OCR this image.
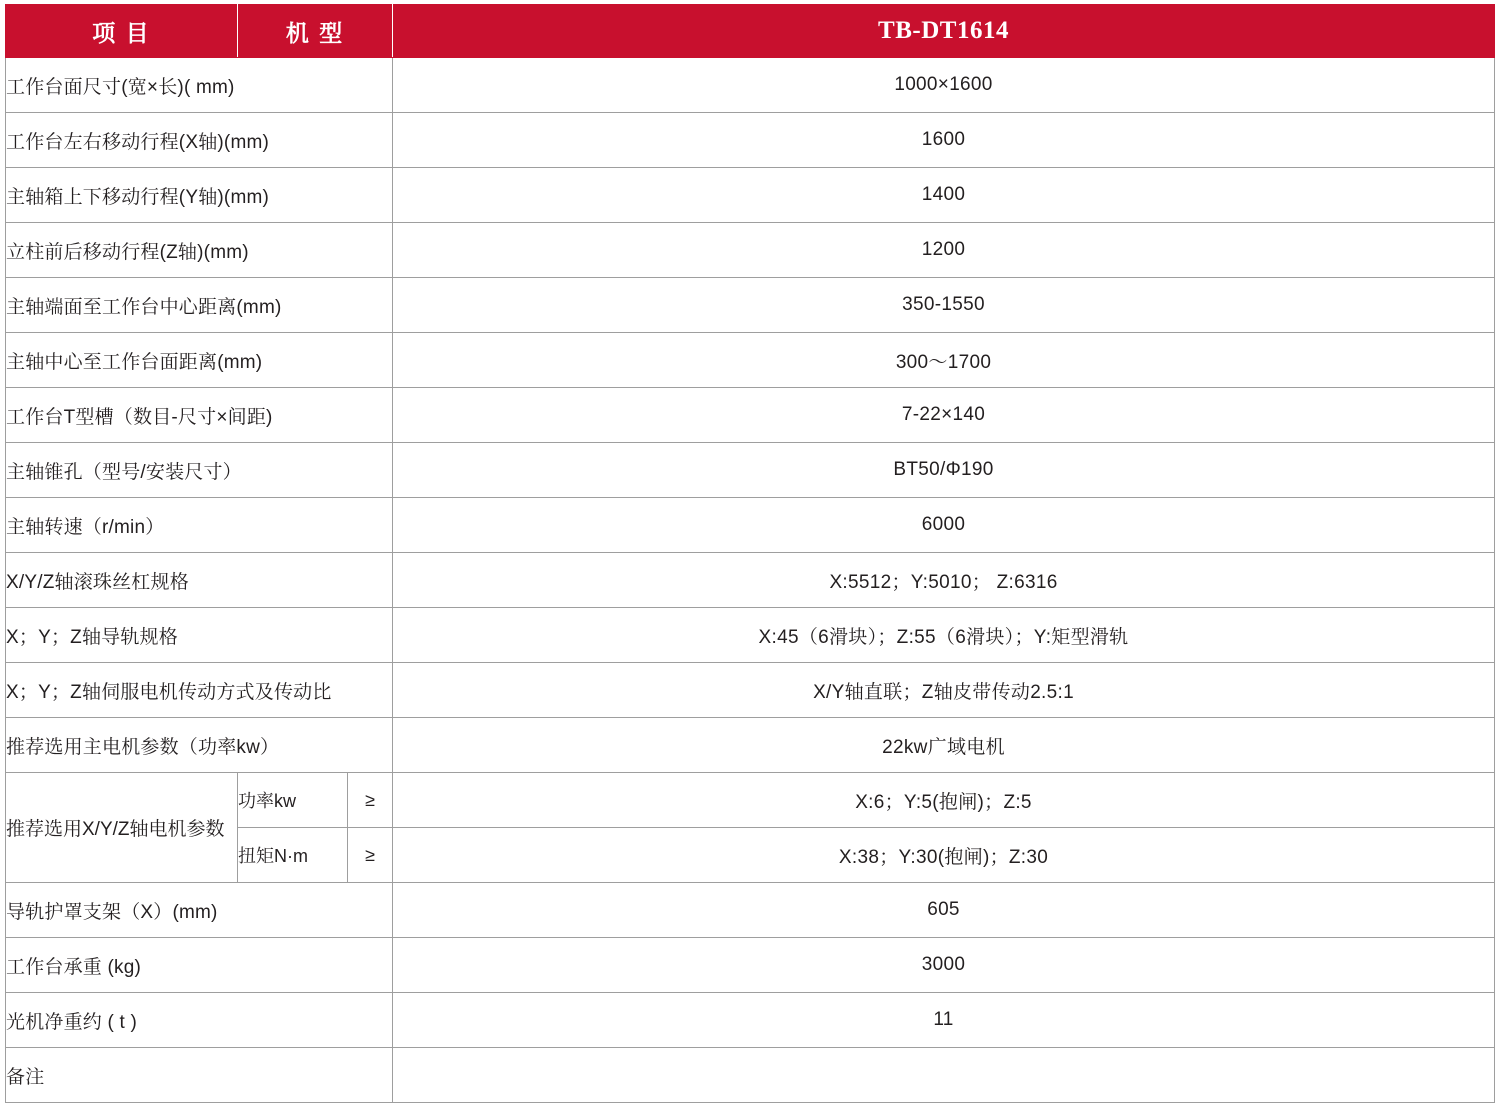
项 目	机 型		TB-DT1614
工作台面尺寸(宽×长)( mm)			1000×1600
工作台左右移动行程(X轴)(mm)			1600
主轴箱上下移动行程(Y轴)(mm)			1400
立柱前后移动行程(Z轴)(mm)			1200
主轴端面至工作台中心距离(mm)			350-1550
主轴中心至工作台面距离(mm)			300～1700
工作台T型槽（数目-尺寸×间距)			7-22×140
主轴锥孔（型号/安装尺寸）			BT50/Φ190
主轴转速（r/min）			6000
X/Y/Z轴滚珠丝杠规格			X:5512；Y:5010； Z:6316
X；Y；Z轴导轨规格			X:45（6滑块）；Z:55（6滑块）；Y:矩型滑轨
X；Y；Z轴伺服电机传动方式及传动比			X/Y轴直联；Z轴皮带传动2.5:1
推荐选用主电机参数（功率kw）			22kw广域电机
推荐选用X/Y/Z轴电机参数	功率kw	≥	X:6；Y:5(抱闸)；Z:5
	扭矩N·m	≥	X:38；Y:30(抱闸)；Z:30
导轨护罩支架（X）(mm)			605
工作台承重 (kg)			3000
光机净重约 ( t )			11
备注			
